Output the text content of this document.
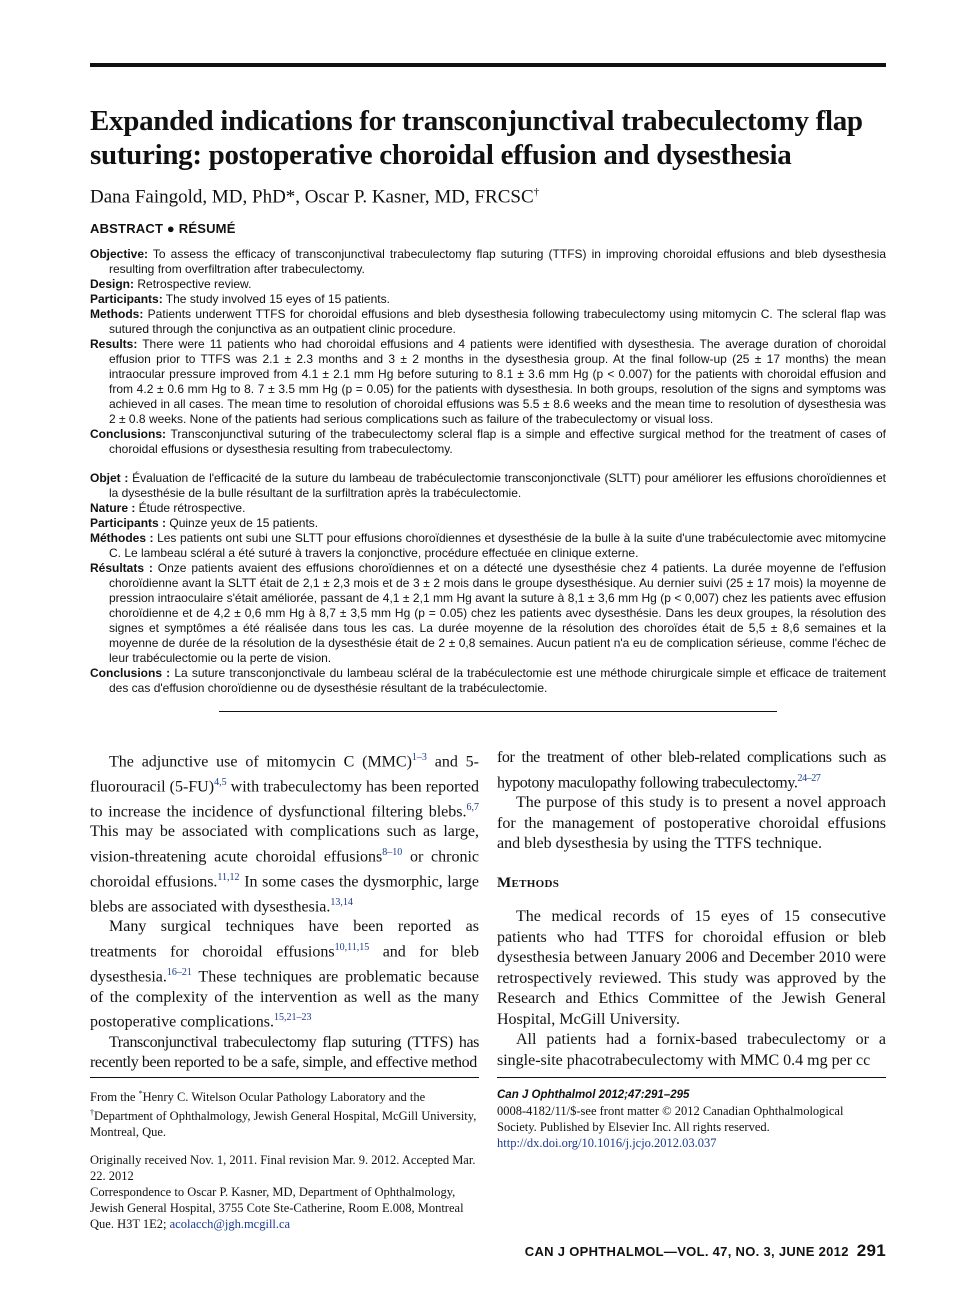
Expanded indications for transconjunctival trabeculectomy flap suturing: postoperative choroidal effusion and dysesthesia
Dana Faingold, MD, PhD*, Oscar P. Kasner, MD, FRCSC†
ABSTRACT ● RÉSUMÉ
Objective: To assess the efficacy of transconjunctival trabeculectomy flap suturing (TTFS) in improving choroidal effusions and bleb dysesthesia resulting from overfiltration after trabeculectomy.
Design: Retrospective review.
Participants: The study involved 15 eyes of 15 patients.
Methods: Patients underwent TTFS for choroidal effusions and bleb dysesthesia following trabeculectomy using mitomycin C. The scleral flap was sutured through the conjunctiva as an outpatient clinic procedure.
Results: There were 11 patients who had choroidal effusions and 4 patients were identified with dysesthesia. The average duration of choroidal effusion prior to TTFS was 2.1 ± 2.3 months and 3 ± 2 months in the dysesthesia group. At the final follow-up (25 ± 17 months) the mean intraocular pressure improved from 4.1 ± 2.1 mm Hg before suturing to 8.1 ± 3.6 mm Hg (p < 0.007) for the patients with choroidal effusion and from 4.2 ± 0.6 mm Hg to 8. 7 ± 3.5 mm Hg (p = 0.05) for the patients with dysesthesia. In both groups, resolution of the signs and symptoms was achieved in all cases. The mean time to resolution of choroidal effusions was 5.5 ± 8.6 weeks and the mean time to resolution of dysesthesia was 2 ± 0.8 weeks. None of the patients had serious complications such as failure of the trabeculectomy or visual loss.
Conclusions: Transconjunctival suturing of the trabeculectomy scleral flap is a simple and effective surgical method for the treatment of cases of choroidal effusions or dysesthesia resulting from trabeculectomy.
Objet : Évaluation de l'efficacité de la suture du lambeau de trabéculectomie transconjonctivale (SLTT) pour améliorer les effusions choroïdiennes et la dysesthésie de la bulle résultant de la surfiltration après la trabéculectomie.
Nature : Étude rétrospective.
Participants : Quinze yeux de 15 patients.
Méthodes : Les patients ont subi une SLTT pour effusions choroïdiennes et dysesthésie de la bulle à la suite d'une trabéculectomie avec mitomycine C. Le lambeau scléral a été suturé à travers la conjonctive, procédure effectuée en clinique externe.
Résultats : Onze patients avaient des effusions choroïdiennes et on a détecté une dysesthésie chez 4 patients. La durée moyenne de l'effusion choroïdienne avant la SLTT était de 2,1 ± 2,3 mois et de 3 ± 2 mois dans le groupe dysesthésique. Au dernier suivi (25 ± 17 mois) la moyenne de pression intraoculaire s'était améliorée, passant de 4,1 ± 2,1 mm Hg avant la suture à 8,1 ± 3,6 mm Hg (p < 0,007) chez les patients avec effusion choroïdienne et de 4,2 ± 0,6 mm Hg à 8,7 ± 3,5 mm Hg (p = 0.05) chez les patients avec dysesthésie. Dans les deux groupes, la résolution des signes et symptômes a été réalisée dans tous les cas. La durée moyenne de la résolution des choroïdes était de 5,5 ± 8,6 semaines et la moyenne de durée de la résolution de la dysesthésie était de 2 ± 0,8 semaines. Aucun patient n'a eu de complication sérieuse, comme l'échec de leur trabéculectomie ou la perte de vision.
Conclusions : La suture transconjonctivale du lambeau scléral de la trabéculectomie est une méthode chirurgicale simple et efficace de traitement des cas d'effusion choroïdienne ou de dysesthésie résultant de la trabéculectomie.

The adjunctive use of mitomycin C (MMC)$^{1-3}$ and 5-fluorouracil $(5-FU)^{4,5}$ with trabeculectomy has been reported to increase the incidence of dysfunctional filtering blebs.$^{6,7}$ This may be associated with complications such as large, vision-threatening acute choroidal effusions$^{8-10}$ or chronic choroidal effusions.$^{11,12}$ In some cases the dysmorphic, large blebs are associated with dysesthesia.$^{13,14}$

Many surgical techniques have been reported as treatments for choroidal effusions$^{10,11,15}$ and for bleb dysesthesia.$^{16-21}$ These techniques are problematic because of the complexity of the intervention as well as the many postoperative complications.$^{15,21-23}$

Transconjunctival trabeculectomy flap suturing (TTFS) has recently been reported to be a safe, simple, and effective method

for the treatment of other bleb-related complications such as hypotony maculopathy following trabeculectomy.$^{24-27}$

The purpose of this study is to present a novel approach for the management of postoperative choroidal effusions and bleb dysesthesia by using the TTFS technique.

Methods

The medical records of 15 eyes of 15 consecutive patients who had TTFS for choroidal effusion or bleb dysesthesia between January 2006 and December 2010 were retrospectively reviewed. This study was approved by the Research and Ethics Committee of the Jewish General Hospital, McGill University.

All patients had a fornix-based trabeculectomy or a single-site phacotrabeculectomy with MMC 0.4 mg per cc

From the *Henry C. Witelson Ocular Pathology Laboratory and the
†Department of Ophthalmology, Jewish General Hospital, McGill University, Montreal, Que.

Originally received Nov. 1, 2011. Final revision Mar. 9. 2012. Accepted Mar. 22. 2012

Correspondence to Oscar P. Kasner, MD, Department of Ophthalmology, Jewish General Hospital, 3755 Cote Ste-Catherine, Room E.008, Montreal Que. H3T 1E2; acolacch@jgh.mcgill.ca

Can J Ophthalmol 2012;47:291–295
0008-4182/11/$-see front matter © 2012 Canadian Ophthalmological Society. Published by Elsevier Inc. All rights reserved.
http://dx.doi.org/10.1016/j.jcjo.2012.03.037
CAN J OPHTHALMOL—VOL. 47, NO. 3, JUNE 2012 291
